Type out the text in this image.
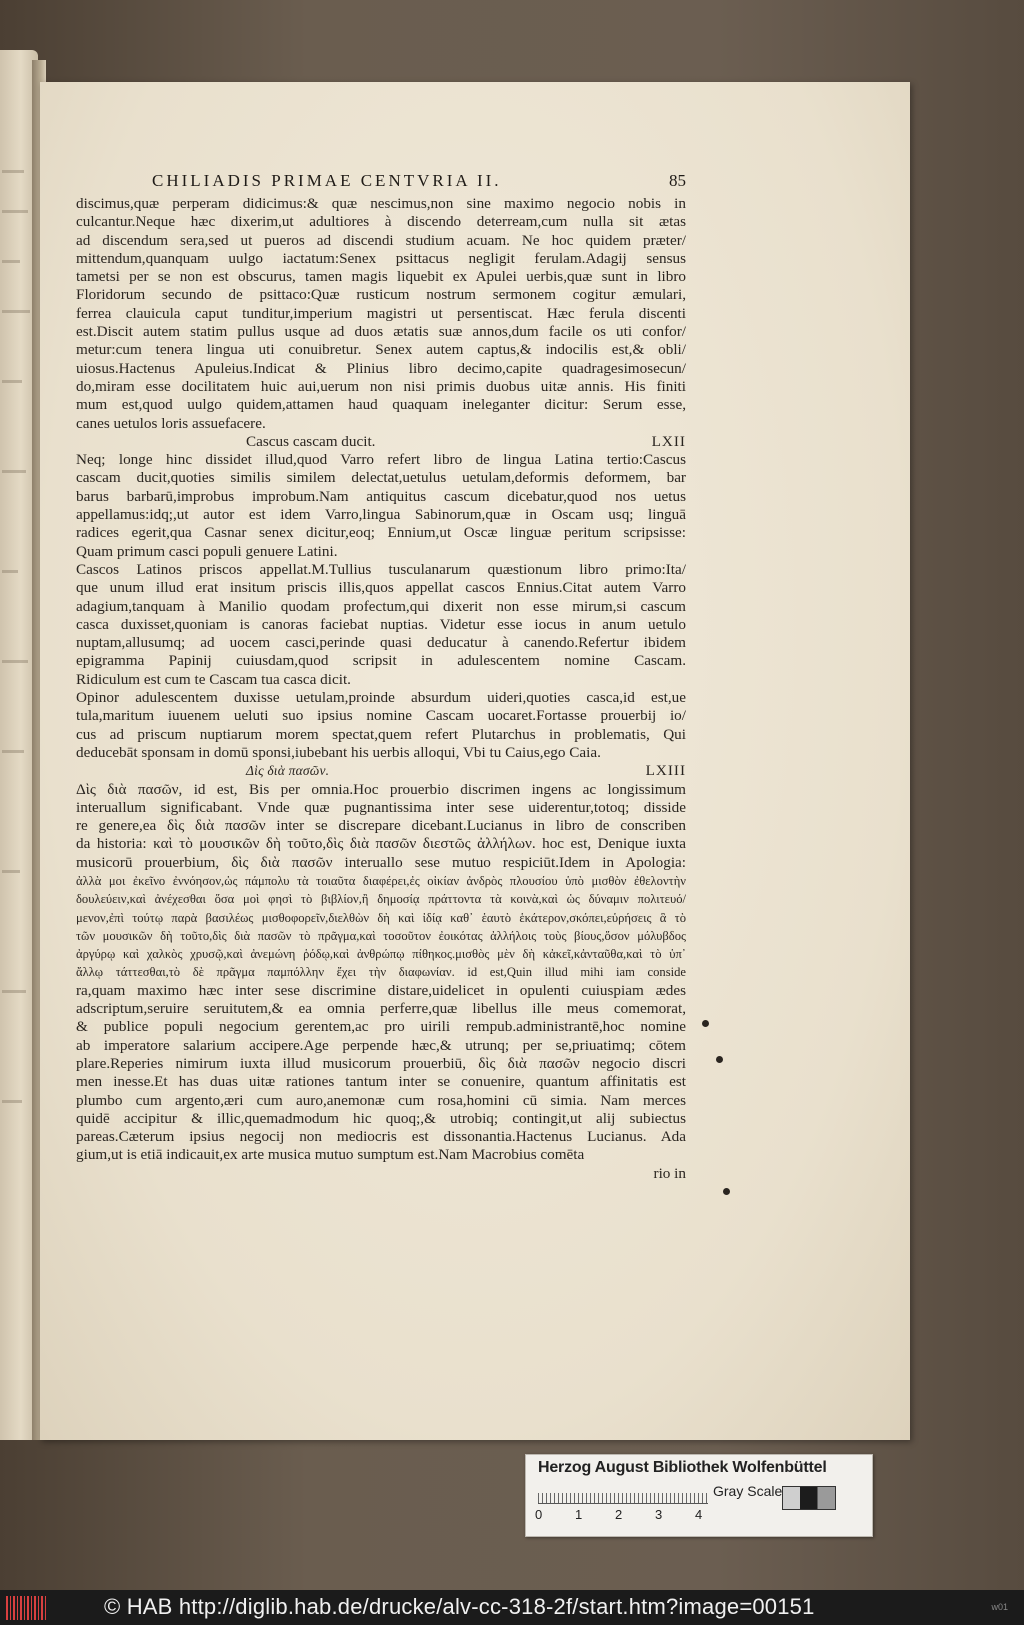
CHILIADIS PRIMAE CENTVRIA II.	85
discimus,quæ perperam didicimus:& quæ nescimus,non sine maximo negocio nobis in
culcantur.Neque hæc dixerim,ut adultiores à discendo deterream,cum nulla sit ætas
ad discendum sera,sed ut pueros ad discendi studium acuam. Ne hoc quidem præter/
mittendum,quanquam uulgo iactatum:Senex psittacus negligit ferulam.Adagij sensus
tametsi per se non est obscurus, tamen magis liquebit ex Apulei uerbis,quæ sunt in libro
Floridorum secundo de psittaco:Quæ rusticum nostrum sermonem cogitur æmulari,
ferrea clauicula caput tunditur,imperium magistri ut persentiscat. Hæc ferula discenti
est.Discit autem statim pullus usque ad duos ætatis suæ annos,dum facile os uti confor/
metur:cum tenera lingua uti conuibretur. Senex autem captus,& indocilis est,& obli/
uiosus.Hactenus Apuleius.Indicat & Plinius libro decimo,capite quadragesimosecun/
do,miram esse docilitatem huic aui,uerum non nisi primis duobus uitæ annis. His finiti
mum est,quod uulgo quidem,attamen haud quaquam ineleganter dicitur: Serum esse,
canes uetulos loris assuefacere.
Cascus cascam ducit.	LXII
Neq; longe hinc dissidet illud,quod Varro refert libro de lingua Latina tertio:Cascus
cascam ducit,quoties similis similem delectat,uetulus uetulam,deformis deformem, bar
barus barbarū,improbus improbum.Nam antiquitus cascum dicebatur,quod nos uetus
appellamus:idq;,ut autor est idem Varro,lingua Sabinorum,quæ in Oscam usq; linguā
radices egerit,qua Casnar senex dicitur,eoq; Ennium,ut Oscæ linguæ peritum scripsisse:
Quam primum casci populi genuere Latini.
Cascos Latinos priscos appellat.M.Tullius tusculanarum quæstionum libro primo:Ita/
que unum illud erat insitum priscis illis,quos appellat cascos Ennius.Citat autem Varro
adagium,tanquam à Manilio quodam profectum,qui dixerit non esse mirum,si cascum
casca duxisset,quoniam is canoras faciebat nuptias. Videtur esse iocus in anum uetulo
nuptam,allusumq; ad uocem casci,perinde quasi deducatur à canendo.Refertur ibidem
epigramma Papinij cuiusdam,quod scripsit in adulescentem nomine Cascam.
Ridiculum est cum te Cascam tua casca dicit.
Opinor adulescentem duxisse uetulam,proinde absurdum uideri,quoties casca,id est,ue
tula,maritum iuuenem ueluti suo ipsius nomine Cascam uocaret.Fortasse prouerbij io/
cus ad priscum nuptiarum morem spectat,quem refert Plutarchus in problematis, Qui
deducebāt sponsam in domū sponsi,iubebant his uerbis alloqui, Vbi tu Caius,ego Caia.
Δὶς διὰ πασῶν.	LXIII
Δὶς διὰ πασῶν, id est, Bis per omnia.Hoc prouerbio discrimen ingens ac longissimum
interuallum significabant. Vnde quæ pugnantissima inter sese uiderentur,totoq; disside
re genere,ea δὶς διὰ πασῶν inter se discrepare dicebant.Lucianus in libro de conscriben
da historia: καὶ τὸ μουσικῶν δὴ τοῦτο,δὶς διὰ πασῶν διεστῶς ἀλλήλων. hoc est, Denique iuxta
musicorū prouerbium, δὶς διὰ πασῶν interuallo sese mutuo respiciūt.Idem in Apologia:
ἀλλὰ μοι ἐκεῖνο ἐννόησον,ὡς πάμπολυ τὰ τοιαῦτα διαφέρει,ἐς οἰκίαν ἀνδρὸς πλουσίου ὑπὸ μισθὸν ἐθελοντὴν
δουλεύειν,καὶ ἀνέχεσθαι ὅσα μοὶ φησὶ τὸ βιβλίον,ἢ δημοσίᾳ πράττοντα τὰ κοινὰ,καὶ ὡς δύναμιν πολιτευό/
μενον,ἐπὶ τούτῳ παρὰ βασιλέως μισθοφορεῖν,διελθὼν δὴ καὶ ἰδίᾳ καθ᾽ ἑαυτὸ ἑκάτερον,σκόπει,εὑρήσεις ἃ τὸ
τῶν μουσικῶν δὴ τοῦτο,δὶς διὰ πασῶν τὸ πρᾶγμα,καὶ τοσοῦτον ἐοικότας ἀλλήλοις τοὺς βίους,ὅσον μόλυβδος
ἀργύρῳ καὶ χαλκὸς χρυσῷ,καὶ ἀνεμώνη ῥόδῳ,καὶ ἀνθρώπῳ πίθηκος.μισθὸς μὲν δὴ κἀκεῖ,κἀνταῦθα,καὶ τὸ ὑπ᾽
ἄλλῳ τάττεσθαι,τὸ δὲ πρᾶγμα παμπόλλην ἔχει τὴν διαφωνίαν. id est,Quin illud mihi iam conside
ra,quam maximo hæc inter sese discrimine distare,uidelicet in opulenti cuiuspiam ædes
adscriptum,seruire seruitutem,& ea omnia perferre,quæ libellus ille meus comemorat,
& publice populi negocium gerentem,ac pro uirili rempub.administrantē,hoc nomine
ab imperatore salarium accipere.Age perpende hæc,& utrunq; per se,priuatimq; cōtem
plare.Reperies nimirum iuxta illud musicorum prouerbiū, δὶς διὰ πασῶν negocio discri
men inesse.Et has duas uitæ rationes tantum inter se conuenire, quantum affinitatis est
plumbo cum argento,æri cum auro,anemonæ cum rosa,homini cū simia. Nam merces
quidē accipitur & illic,quemadmodum hic quoq;,& utrobiq; contingit,ut alij subiectus
pareas.Cæterum ipsius negocij non mediocris est dissonantia.Hactenus Lucianus. Ada
gium,ut is etiā indicauit,ex arte musica mutuo sumptum est.Nam Macrobius comēta
rio in
Herzog August Bibliothek Wolfenbüttel
0	1	2	3	4
Gray Scale
© HAB http://diglib.hab.de/drucke/alv-cc-318-2f/start.htm?image=00151	w01
